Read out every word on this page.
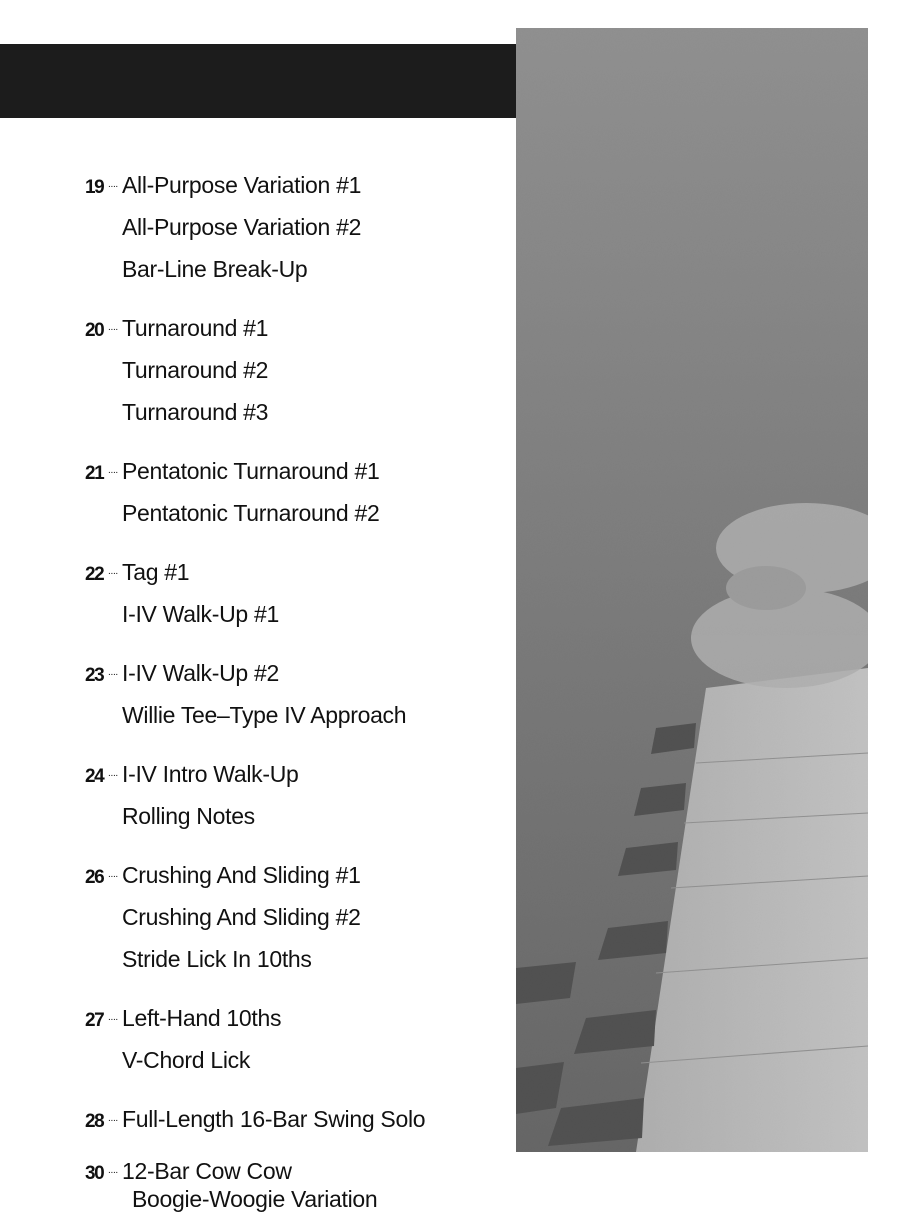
19 .... All-Purpose Variation #1
All-Purpose Variation #2
Bar-Line Break-Up
20 .... Turnaround #1
Turnaround #2
Turnaround #3
21 .... Pentatonic Turnaround #1
Pentatonic Turnaround #2
22 .... Tag #1
I-IV Walk-Up #1
23 .... I-IV Walk-Up #2
Willie Tee–Type IV Approach
24 .... I-IV Intro Walk-Up
Rolling Notes
26 .... Crushing And Sliding #1
Crushing And Sliding #2
Stride Lick In 10ths
27 .... Left-Hand 10ths
V-Chord Lick
28 .... Full-Length 16-Bar Swing Solo
30 .... 12-Bar Cow Cow
Boogie-Woogie Variation
